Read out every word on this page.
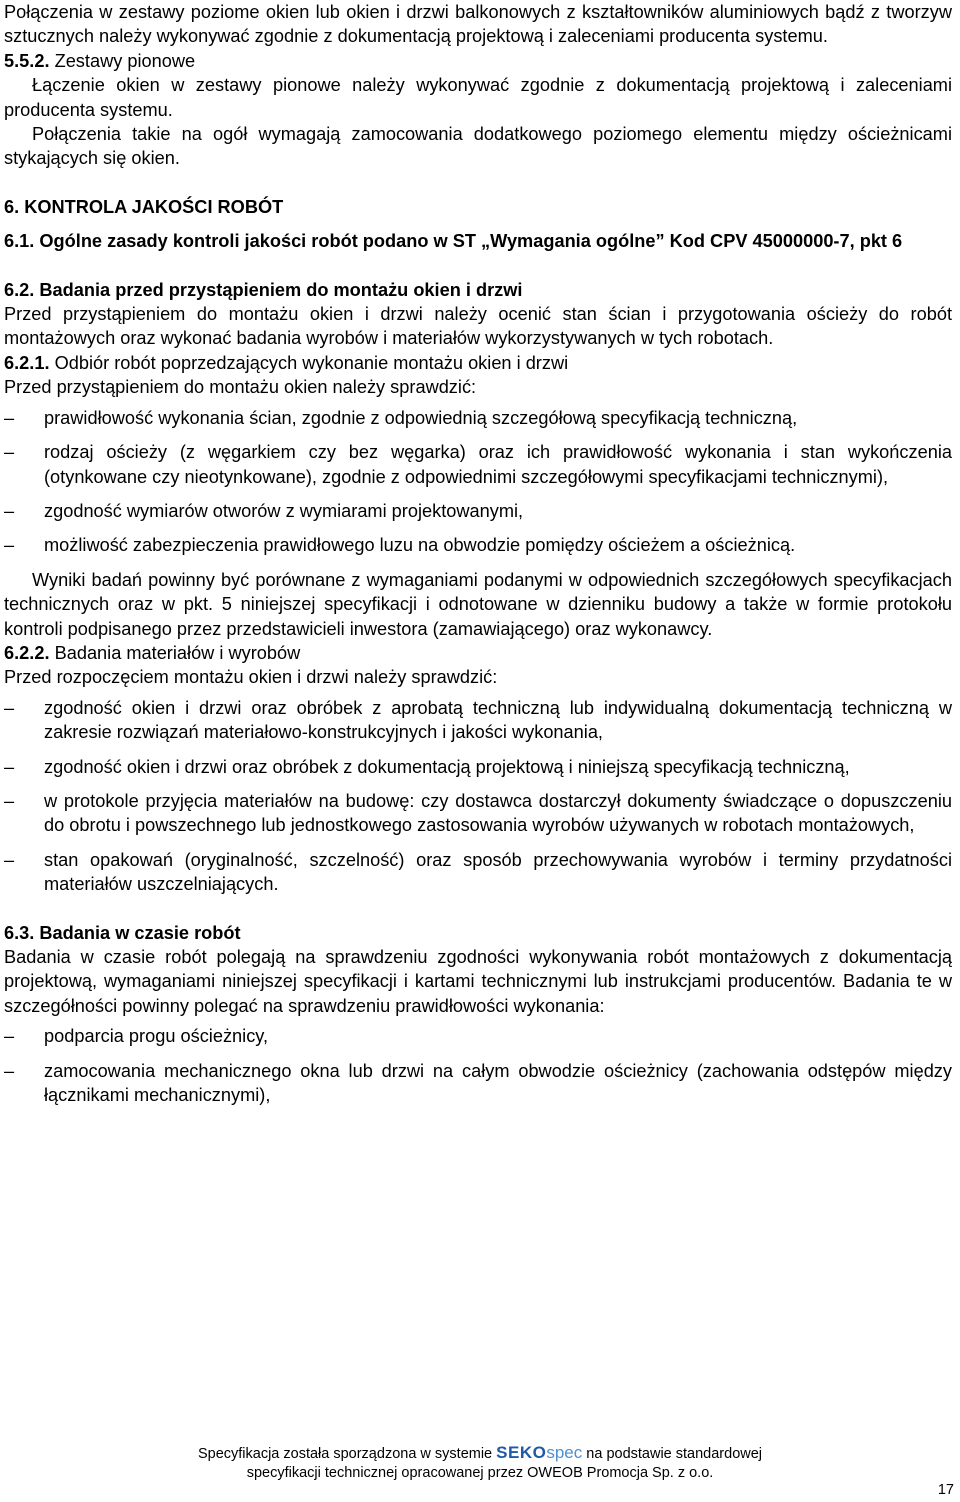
Połączenia w zestawy poziome okien lub okien i drzwi balkonowych z kształtowników aluminiowych bądź z tworzyw sztucznych należy wykonywać zgodnie z dokumentacją projektową i zaleceniami producenta systemu.

5.5.2. Zestawy pionowe

Łączenie okien w zestawy pionowe należy wykonywać zgodnie z dokumentacją projektową i zaleceniami producenta systemu.

Połączenia takie na ogół wymagają zamocowania dodatkowego poziomego elementu między ościeżnicami stykających się okien.

6. KONTROLA JAKOŚCI ROBÓT

6.1. Ogólne zasady kontroli jakości robót podano w ST „Wymagania ogólne” Kod CPV 45000000-7, pkt 6

6.2. Badania przed przystąpieniem do montażu okien i drzwi

Przed przystąpieniem do montażu okien i drzwi należy ocenić stan ścian i przygotowania ościeży do robót montażowych oraz wykonać badania wyrobów i materiałów wykorzystywanych w tych robotach.

6.2.1. Odbiór robót poprzedzających wykonanie montażu okien i drzwi

Przed przystąpieniem do montażu okien należy sprawdzić:

– prawidłowość wykonania ścian, zgodnie z odpowiednią szczegółową specyfikacją techniczną,
– rodzaj ościeży (z węgarkiem czy bez węgarka) oraz ich prawidłowość wykonania i stan wykończenia (otynkowane czy nieotynkowane), zgodnie z odpowiednimi szczegółowymi specyfikacjami technicznymi),
– zgodność wymiarów otworów z wymiarami projektowanymi,
– możliwość zabezpieczenia prawidłowego luzu na obwodzie pomiędzy ościeżem a ościeżnicą.

Wyniki badań powinny być porównane z wymaganiami podanymi w odpowiednich szczegółowych specyfikacjach technicznych oraz w pkt. 5 niniejszej specyfikacji i odnotowane w dzienniku budowy a także w formie protokołu kontroli podpisanego przez przedstawicieli inwestora (zamawiającego) oraz wykonawcy.

6.2.2. Badania materiałów i wyrobów

Przed rozpoczęciem montażu okien i drzwi należy sprawdzić:

– zgodność okien i drzwi oraz obróbek z aprobatą techniczną lub indywidualną dokumentacją techniczną w zakresie rozwiązań materiałowo-konstrukcyjnych i jakości wykonania,
– zgodność okien i drzwi oraz obróbek z dokumentacją projektową i niniejszą specyfikacją techniczną,
– w protokole przyjęcia materiałów na budowę: czy dostawca dostarczył dokumenty świadczące o dopuszczeniu do obrotu i powszechnego lub jednostkowego zastosowania wyrobów używanych w robotach montażowych,
– stan opakowań (oryginalność, szczelność) oraz sposób przechowywania wyrobów i terminy przydatności materiałów uszczelniających.

6.3. Badania w czasie robót

Badania w czasie robót polegają na sprawdzeniu zgodności wykonywania robót montażowych z dokumentacją projektową, wymaganiami niniejszej specyfikacji i kartami technicznymi lub instrukcjami producentów. Badania te w szczegółności powinny polegać na sprawdzeniu prawidłowości wykonania:

– podparcia progu ościeżnicy,
– zamocowania mechanicznego okna lub drzwi na całym obwodzie ościeżnicy (zachowania odstępów między łącznikami mechanicznymi),
Specyfikacja została sporządzona w systemie SEKOspec na podstawie standardowej
specyfikacji technicznej opracowanej przez OWEOB Promocja Sp. z o.o.
17
